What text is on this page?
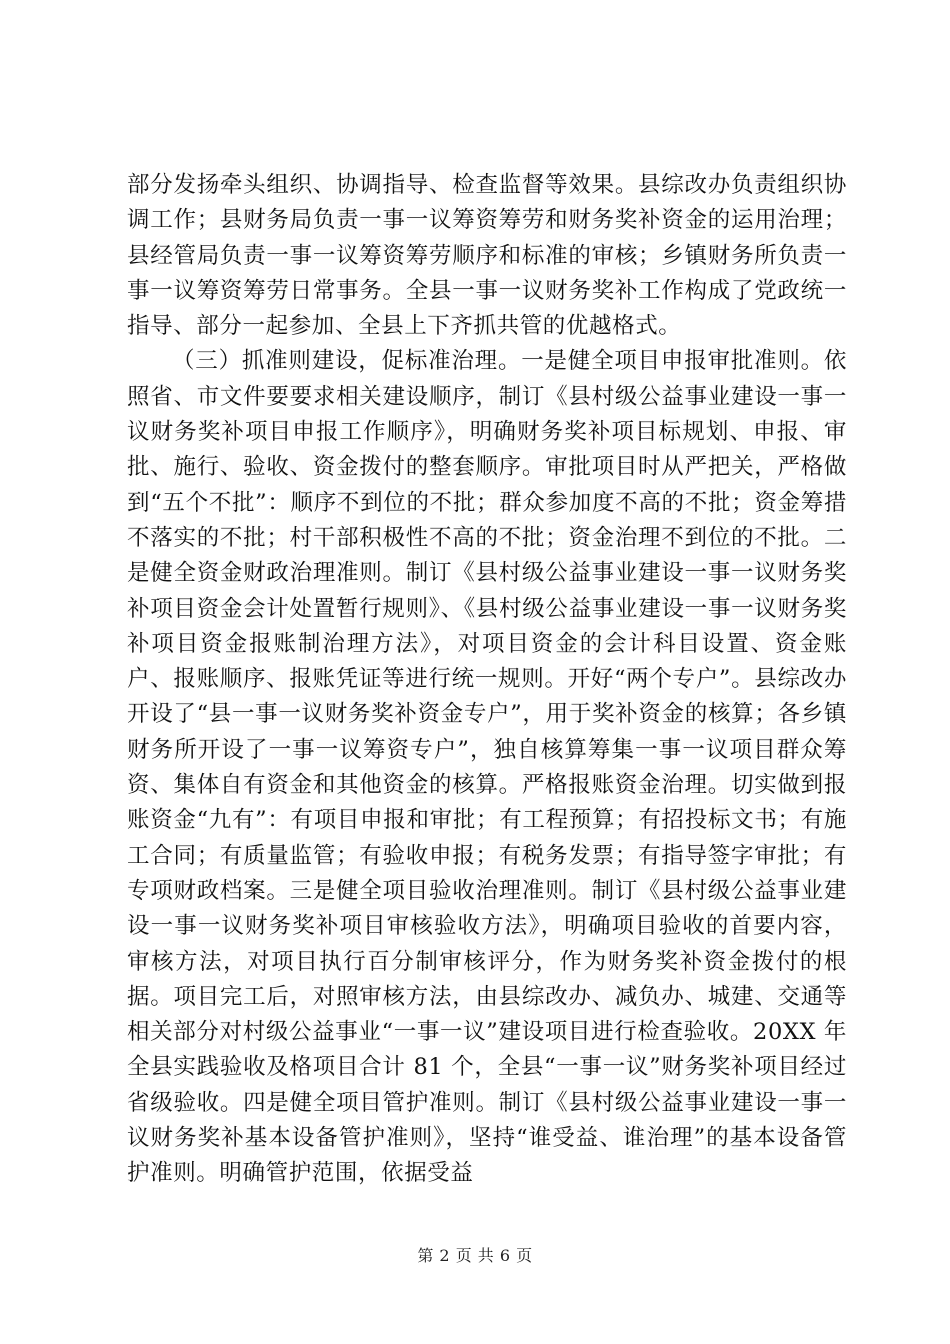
部分发扬牵头组织、协调指导、检查监督等效果。县综改办负责组织协调工作；县财务局负责一事一议筹资筹劳和财务奖补资金的运用治理；县经管局负责一事一议筹资筹劳顺序和标准的审核；乡镇财务所负责一事一议筹资筹劳日常事务。全县一事一议财务奖补工作构成了党政统一指导、部分一起参加、全县上下齐抓共管的优越格式。

（三）抓准则建设，促标准治理。一是健全项目申报审批准则。依照省、市文件要要求相关建设顺序，制订《县村级公益事业建设一事一议财务奖补项目申报工作顺序》，明确财务奖补项目标规划、申报、审批、施行、验收、资金拨付的整套顺序。审批项目时从严把关，严格做到“五个不批”：顺序不到位的不批；群众参加度不高的不批；资金筹措不落实的不批；村干部积极性不高的不批；资金治理不到位的不批。二是健全资金财政治理准则。制订《县村级公益事业建设一事一议财务奖补项目资金会计处置暂行规则》、《县村级公益事业建设一事一议财务奖补项目资金报账制治理方法》，对项目资金的会计科目设置、资金账户、报账顺序、报账凭证等进行统一规则。开好“两个专户”。县综改办开设了“县一事一议财务奖补资金专户”，用于奖补资金的核算；各乡镇财务所开设了一事一议筹资专户”，独自核算筹集一事一议项目群众筹资、集体自有资金和其他资金的核算。严格报账资金治理。切实做到报账资金“九有”：有项目申报和审批；有工程预算；有招投标文书；有施工合同；有质量监管；有验收申报；有税务发票；有指导签字审批；有专项财政档案。三是健全项目验收治理准则。制订《县村级公益事业建设一事一议财务奖补项目审核验收方法》，明确项目验收的首要内容，审核方法，对项目执行百分制审核评分，作为财务奖补资金拨付的根据。项目完工后，对照审核方法，由县综改办、减负办、城建、交通等相关部分对村级公益事业“一事一议”建设项目进行检查验收。20XX 年全县实践验收及格项目合计 81 个，全县“一事一议”财务奖补项目经过省级验收。四是健全项目管护准则。制订《县村级公益事业建设一事一议财务奖补基本设备管护准则》，坚持“谁受益、谁治理”的基本设备管护准则。明确管护范围，依据受益

第 2 页 共 6 页
